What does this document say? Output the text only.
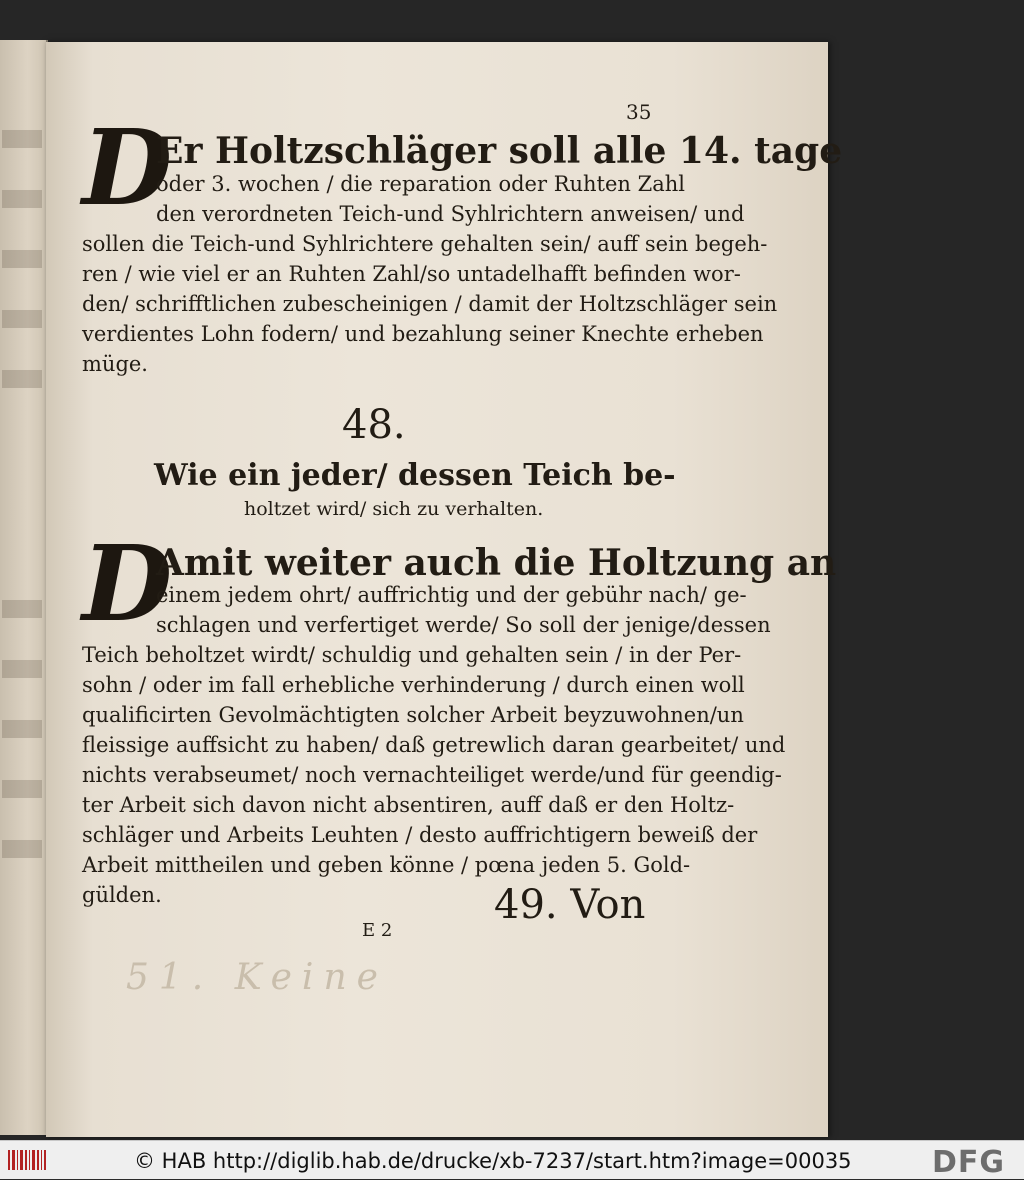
51. Keine
35
D
Er Holtzschläger soll alle 14. tage
oder 3. wochen / die reparation oder Ruhten Zahl
den verordneten Teich-und Syhlrichtern anweisen/ und
sollen die Teich-und Syhlrichtere gehalten sein/ auff sein begeh-
ren / wie viel er an Ruhten Zahl/so untadelhafft befinden wor-
den/ schrifftlichen zubescheinigen / damit der Holtzschläger sein
verdientes Lohn fodern/ und bezahlung seiner Knechte erheben
müge.
48.
Wie ein jeder/ dessen Teich be-
holtzet wird/ sich zu verhalten.
D
Amit weiter auch die Holtzung an
einem jedem ohrt/ auffrichtig und der gebühr nach/ ge-
schlagen und verfertiget werde/ So soll der jenige/dessen
Teich beholtzet wirdt/ schuldig und gehalten sein / in der Per-
sohn / oder im fall erhebliche verhinderung / durch einen woll
qualificirten Gevolmächtigten solcher Arbeit beyzuwohnen/un
fleissige auffsicht zu haben/ daß getrewlich daran gearbeitet/ und
nichts verabseumet/ noch vernachteiliget werde/und für geendig-
ter Arbeit sich davon nicht absentiren, auff daß er den Holtz-
schläger und Arbeits Leuhten / desto auffrichtigern beweiß der
Arbeit mittheilen und geben könne / pœna jeden 5. Gold-
gülden.	49. Von
E 2
© HAB http://diglib.hab.de/drucke/xb-7237/start.htm?image=00035	DFG
